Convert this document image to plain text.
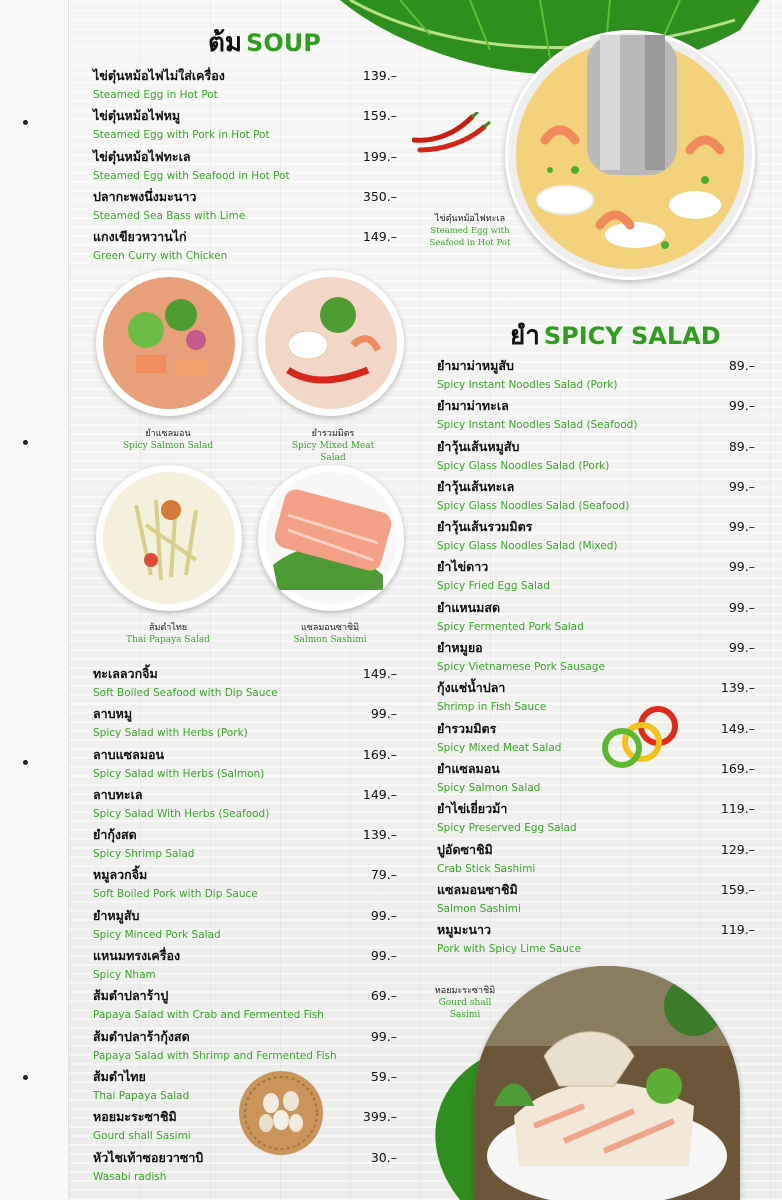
ต้ม SOUP
ไข่ตุ๋นหม้อไฟไม่ใส่เครื่อง
Steamed Egg in Hot Pot
139.–
ไข่ตุ๋นหม้อไฟหมู
Steamed Egg with Pork in Hot Pot
159.–
ไข่ตุ๋นหม้อไฟทะเล
Steamed Egg with Seafood in Hot Pot
199.–
ปลากะพงนึ่งมะนาว
Steamed Sea Bass with Lime
350.–
แกงเขียวหวานไก่
Green Curry with Chicken
149.–
ไข่ตุ๋นหม้อไฟทะเล
Steamed Egg with Seafood in Hot Pot
ยำแซลมอน
Spicy Salmon Salad
ยำรวมมิตร
Spicy Mixed Meat Salad
ส้มตำไทย
Thai Papaya Salad
แซลมอนซาชิมิ
Salmon Sashimi
ทะเลลวกจิ้ม
Soft Boiled Seafood with Dip Sauce
149.–
ลาบหมู
Spicy Salad with Herbs (Pork)
99.–
ลาบแซลมอน
Spicy Salad with Herbs (Salmon)
169.–
ลาบทะเล
Spicy Salad With Herbs (Seafood)
149.–
ยำกุ้งสด
Spicy Shrimp Salad
139.–
หมูลวกจิ้ม
Soft Boiled Pork with Dip Sauce
79.–
ยำหมูสับ
Spicy Minced Pork Salad
99.–
แหนมทรงเครื่อง
Spicy Nham
99.–
ส้มตำปลาร้าปู
Papaya Salad with Crab and Fermented Fish
69.–
ส้มตำปลาร้ากุ้งสด
Papaya Salad with Shrimp and Fermented Fish
99.–
ส้มตำไทย
Thai Papaya Salad
59.–
หอยมะระซาชิมิ
Gourd shall Sasimi
399.–
หัวไชเท้าซอยวาซาบิ
Wasabi radish
30.–
ยำ SPICY SALAD
ยำมาม่าหมูสับ
Spicy Instant Noodles Salad (Pork)
89.–
ยำมาม่าทะเล
Spicy Instant Noodles Salad (Seafood)
99.–
ยำวุ้นเส้นหมูสับ
Spicy Glass Noodles Salad (Pork)
89.–
ยำวุ้นเส้นทะเล
Spicy Glass Noodles Salad (Seafood)
99.–
ยำวุ้นเส้นรวมมิตร
Spicy Glass Noodles Salad (Mixed)
99.–
ยำไข่ดาว
Spicy Fried Egg Salad
99.–
ยำแหนมสด
Spicy Fermented Pork Salad
99.–
ยำหมูยอ
Spicy Vietnamese Pork Sausage
99.–
กุ้งแช่น้ำปลา
Shrimp in Fish Sauce
139.–
ยำรวมมิตร
Spicy Mixed Meat Salad
149.–
ยำแซลมอน
Spicy Salmon Salad
169.–
ยำไข่เยี่ยวม้า
Spicy Preserved Egg Salad
119.–
ปูอัดซาชิมิ
Crab Stick Sashimi
129.–
แซลมอนซาชิมิ
Salmon Sashimi
159.–
หมูมะนาว
Pork with Spicy Lime Sauce
119.–
หอยมะระซาชิมิ
Gourd shall Sasimi
